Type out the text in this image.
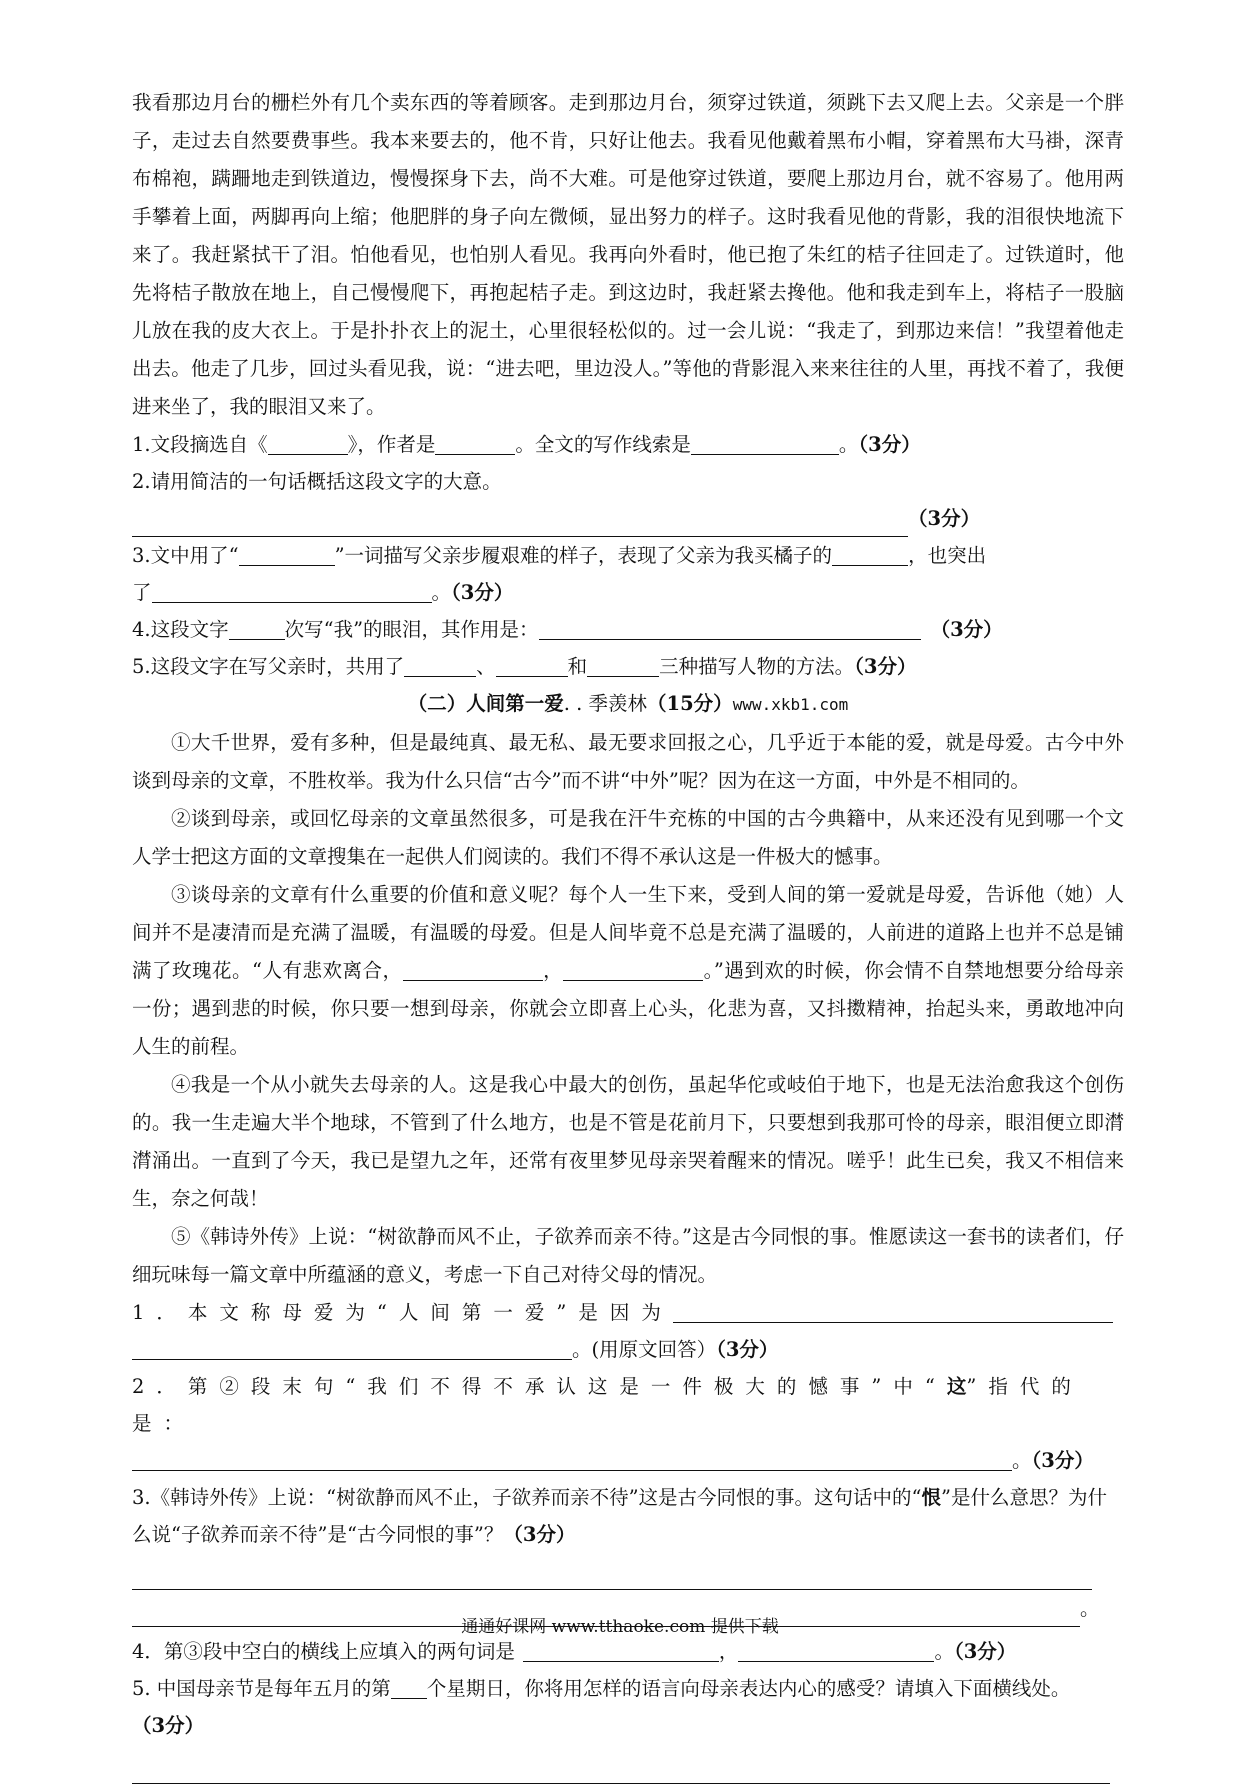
我看那边月台的栅栏外有几个卖东西的等着顾客。走到那边月台，须穿过铁道，须跳下去又爬上去。父亲是一个胖子，走过去自然要费事些。我本来要去的，他不肯，只好让他去。我看见他戴着黑布小帽，穿着黑布大马褂，深青布棉袍，蹒跚地走到铁道边，慢慢探身下去，尚不大难。可是他穿过铁道，要爬上那边月台，就不容易了。他用两手攀着上面，两脚再向上缩；他肥胖的身子向左微倾，显出努力的样子。这时我看见他的背影，我的泪很快地流下来了。我赶紧拭干了泪。怕他看见，也怕别人看见。我再向外看时，他已抱了朱红的桔子往回走了。过铁道时，他先将桔子散放在地上，自己慢慢爬下，再抱起桔子走。到这边时，我赶紧去搀他。他和我走到车上，将桔子一股脑儿放在我的皮大衣上。于是扑扑衣上的泥土，心里很轻松似的。过一会儿说：“我走了，到那边来信！”我望着他走出去。他走了几步，回过头看见我，说：“进去吧，里边没人。”等他的背影混入来来往往的人里，再找不着了，我便进来坐了，我的眼泪又来了。

1.文段摘选自《	》，作者是	。全文的写作线索是	。（3分）

2.请用简洁的一句话概括这段文字的大意。

（3分）

3.文中用了“	”一词描写父亲步履艰难的样子，表现了父亲为我买橘子的	，也突出
了	。（3分）

4.这段文字	次写“我”的眼泪，其作用是：	（3分）

5.这段文字在写父亲时，共用了	、	和	三种描写人物的方法。（3分）

（二）人间第一爱. . 季羡林（15分）www.xkb1.com

①大千世界，爱有多种，但是最纯真、最无私、最无要求回报之心，几乎近于本能的爱，就是母爱。古今中外谈到母亲的文章，不胜枚举。我为什么只信“古今”而不讲“中外”呢？因为在这一方面，中外是不相同的。

②谈到母亲，或回忆母亲的文章虽然很多，可是我在汗牛充栋的中国的古今典籍中，从来还没有见到哪一个文人学士把这方面的文章搜集在一起供人们阅读的。我们不得不承认这是一件极大的憾事。

③谈母亲的文章有什么重要的价值和意义呢？每个人一生下来，受到人间的第一爱就是母爱，告诉他（她）人间并不是凄清而是充满了温暖，有温暖的母爱。但是人间毕竟不总是充满了温暖的，人前进的道路上也并不总是铺满了玫瑰花。“人有悲欢离合，	，	。”遇到欢的时候，你会情不自禁地想要分给母亲一份；遇到悲的时候，你只要一想到母亲，你就会立即喜上心头，化悲为喜，又抖擞精神，抬起头来，勇敢地冲向人生的前程。

④我是一个从小就失去母亲的人。这是我心中最大的创伤，虽起华佗或岐伯于地下，也是无法治愈我这个创伤的。我一生走遍大半个地球，不管到了什么地方，也是不管是花前月下，只要想到我那可怜的母亲，眼泪便立即潸潸涌出。一直到了今天，我已是望九之年，还常有夜里梦见母亲哭着醒来的情况。嗟乎！此生已矣，我又不相信来生，奈之何哉！

⑤《韩诗外传》上说：“树欲静而风不止，子欲养而亲不待。”这是古今同恨的事。惟愿读这一套书的读者们，仔细玩味每一篇文章中所蕴涵的意义，考虑一下自己对待父母的情况。

1．本文称母爱为“人间第一爱”是因为
。(用原文回答）（3分）

2．第②段末句“我们不得不承认这是一件极大的憾事”中“这”指代的是：
。（3分）

3.《韩诗外传》上说：“树欲静而风不止，子欲养而亲不待”这是古今同恨的事。这句话中的“恨”是什么意思？为什么说“子欲养而亲不待”是“古今同恨的事”？（3分）

。

4．第③段中空白的横线上应填入的两句词是	，	。（3分）

5. 中国母亲节是每年五月的第 个星期日，你将用怎样的语言向母亲表达内心的感受？请填入下面横线处。（3分）

通通好课网 www.tthaoke.com 提供下载
